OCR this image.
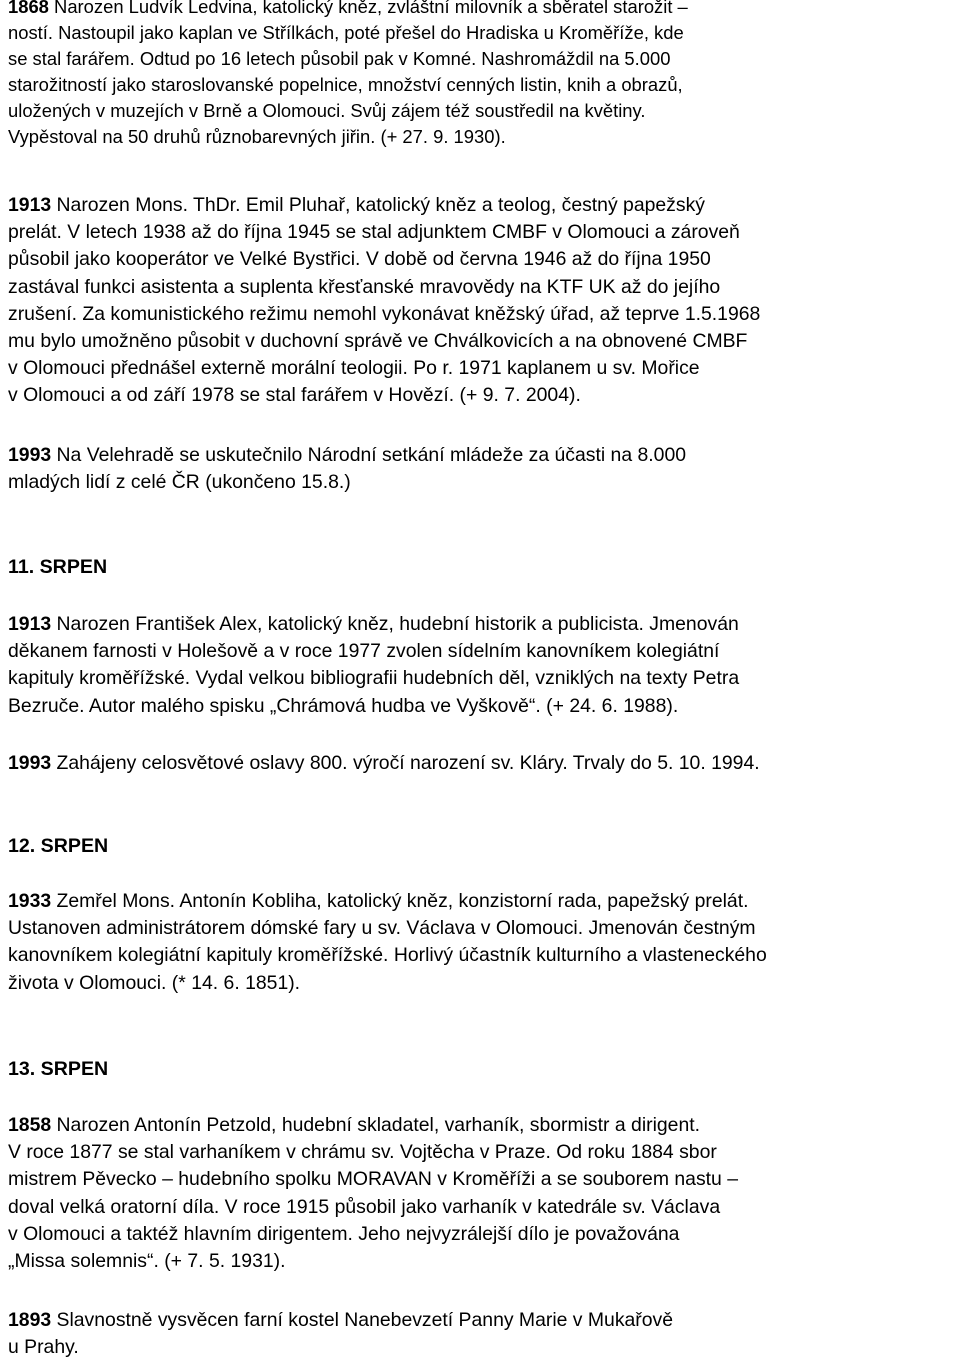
1868 Narozen Ludvík Ledvina, katolický kněz, zvláštní milovník a sběratel starožit –
ností. Nastoupil jako kaplan ve Střílkách, poté přešel do Hradiska u Kroměříže, kde
se stal farářem. Odtud po 16 letech působil pak v Komné. Nashromáždil na 5.000
starožitností jako staroslovanské popelnice, množství cenných listin, knih a obrazů,
uložených v muzejích v Brně a Olomouci. Svůj zájem též soustředil na květiny.
Vypěstoval na 50 druhů různobarevných jiřin. (+ 27. 9. 1930).
1913 Narozen Mons. ThDr. Emil Pluhař, katolický kněz a teolog, čestný papežský
prelát. V letech 1938 až do října 1945 se stal adjunktem CMBF v Olomouci a zároveň
působil jako kooperátor ve Velké Bystřici. V době od června 1946 až do října 1950
zastával funkci asistenta a suplenta křesťanské mravovědy na KTF UK až do jejího
zrušení. Za komunistického režimu nemohl vykonávat kněžský úřad, až teprve 1.5.1968
mu bylo umožněno působit v duchovní správě ve Chválkovicích a na obnovené CMBF
v Olomouci přednášel externě morální teologii. Po r. 1971 kaplanem u sv. Mořice
v Olomouci a od září 1978 se stal farářem v Hovězí. (+ 9. 7. 2004).
1993 Na Velehradě se uskutečnilo Národní setkání mládeže za účasti na 8.000
mladých lidí z celé ČR (ukončeno 15.8.)
11. SRPEN
1913 Narozen František Alex, katolický kněz, hudební historik a publicista. Jmenován
děkanem farnosti v Holešově a v roce 1977 zvolen sídelním kanovníkem kolegiátní
kapituly kroměřížské. Vydal velkou bibliografii hudebních děl, vzniklých na texty Petra
Bezruče. Autor malého spisku „Chrámová hudba ve Vyškově“. (+ 24. 6. 1988).
1993 Zahájeny celosvětové oslavy 800. výročí narození sv. Kláry. Trvaly do 5. 10. 1994.
12. SRPEN
1933 Zemřel Mons. Antonín Kobliha, katolický kněz, konzistorní rada, papežský prelát.
Ustanoven administrátorem dómské fary u sv. Václava v Olomouci. Jmenován čestným
kanovníkem kolegiátní kapituly kroměřížské. Horlivý účastník kulturního a vlasteneckého
života v Olomouci. (* 14. 6. 1851).
13. SRPEN
1858 Narozen Antonín Petzold, hudební skladatel, varhaník, sbormistr a dirigent.
V roce 1877 se stal varhaníkem v chrámu sv. Vojtěcha v Praze. Od roku 1884 sbor
mistrem Pěvecko – hudebního spolku MORAVAN v Kroměříži a se souborem nastu –
doval velká oratorní díla. V roce 1915 působil jako varhaník v katedrále sv. Václava
v Olomouci a taktéž hlavním dirigentem. Jeho nejvyzrálejší dílo je považována
„Missa solemnis“. (+ 7. 5. 1931).
1893 Slavnostně vysvěcen farní kostel Nanebevzetí Panny Marie v Mukařově
u Prahy.
